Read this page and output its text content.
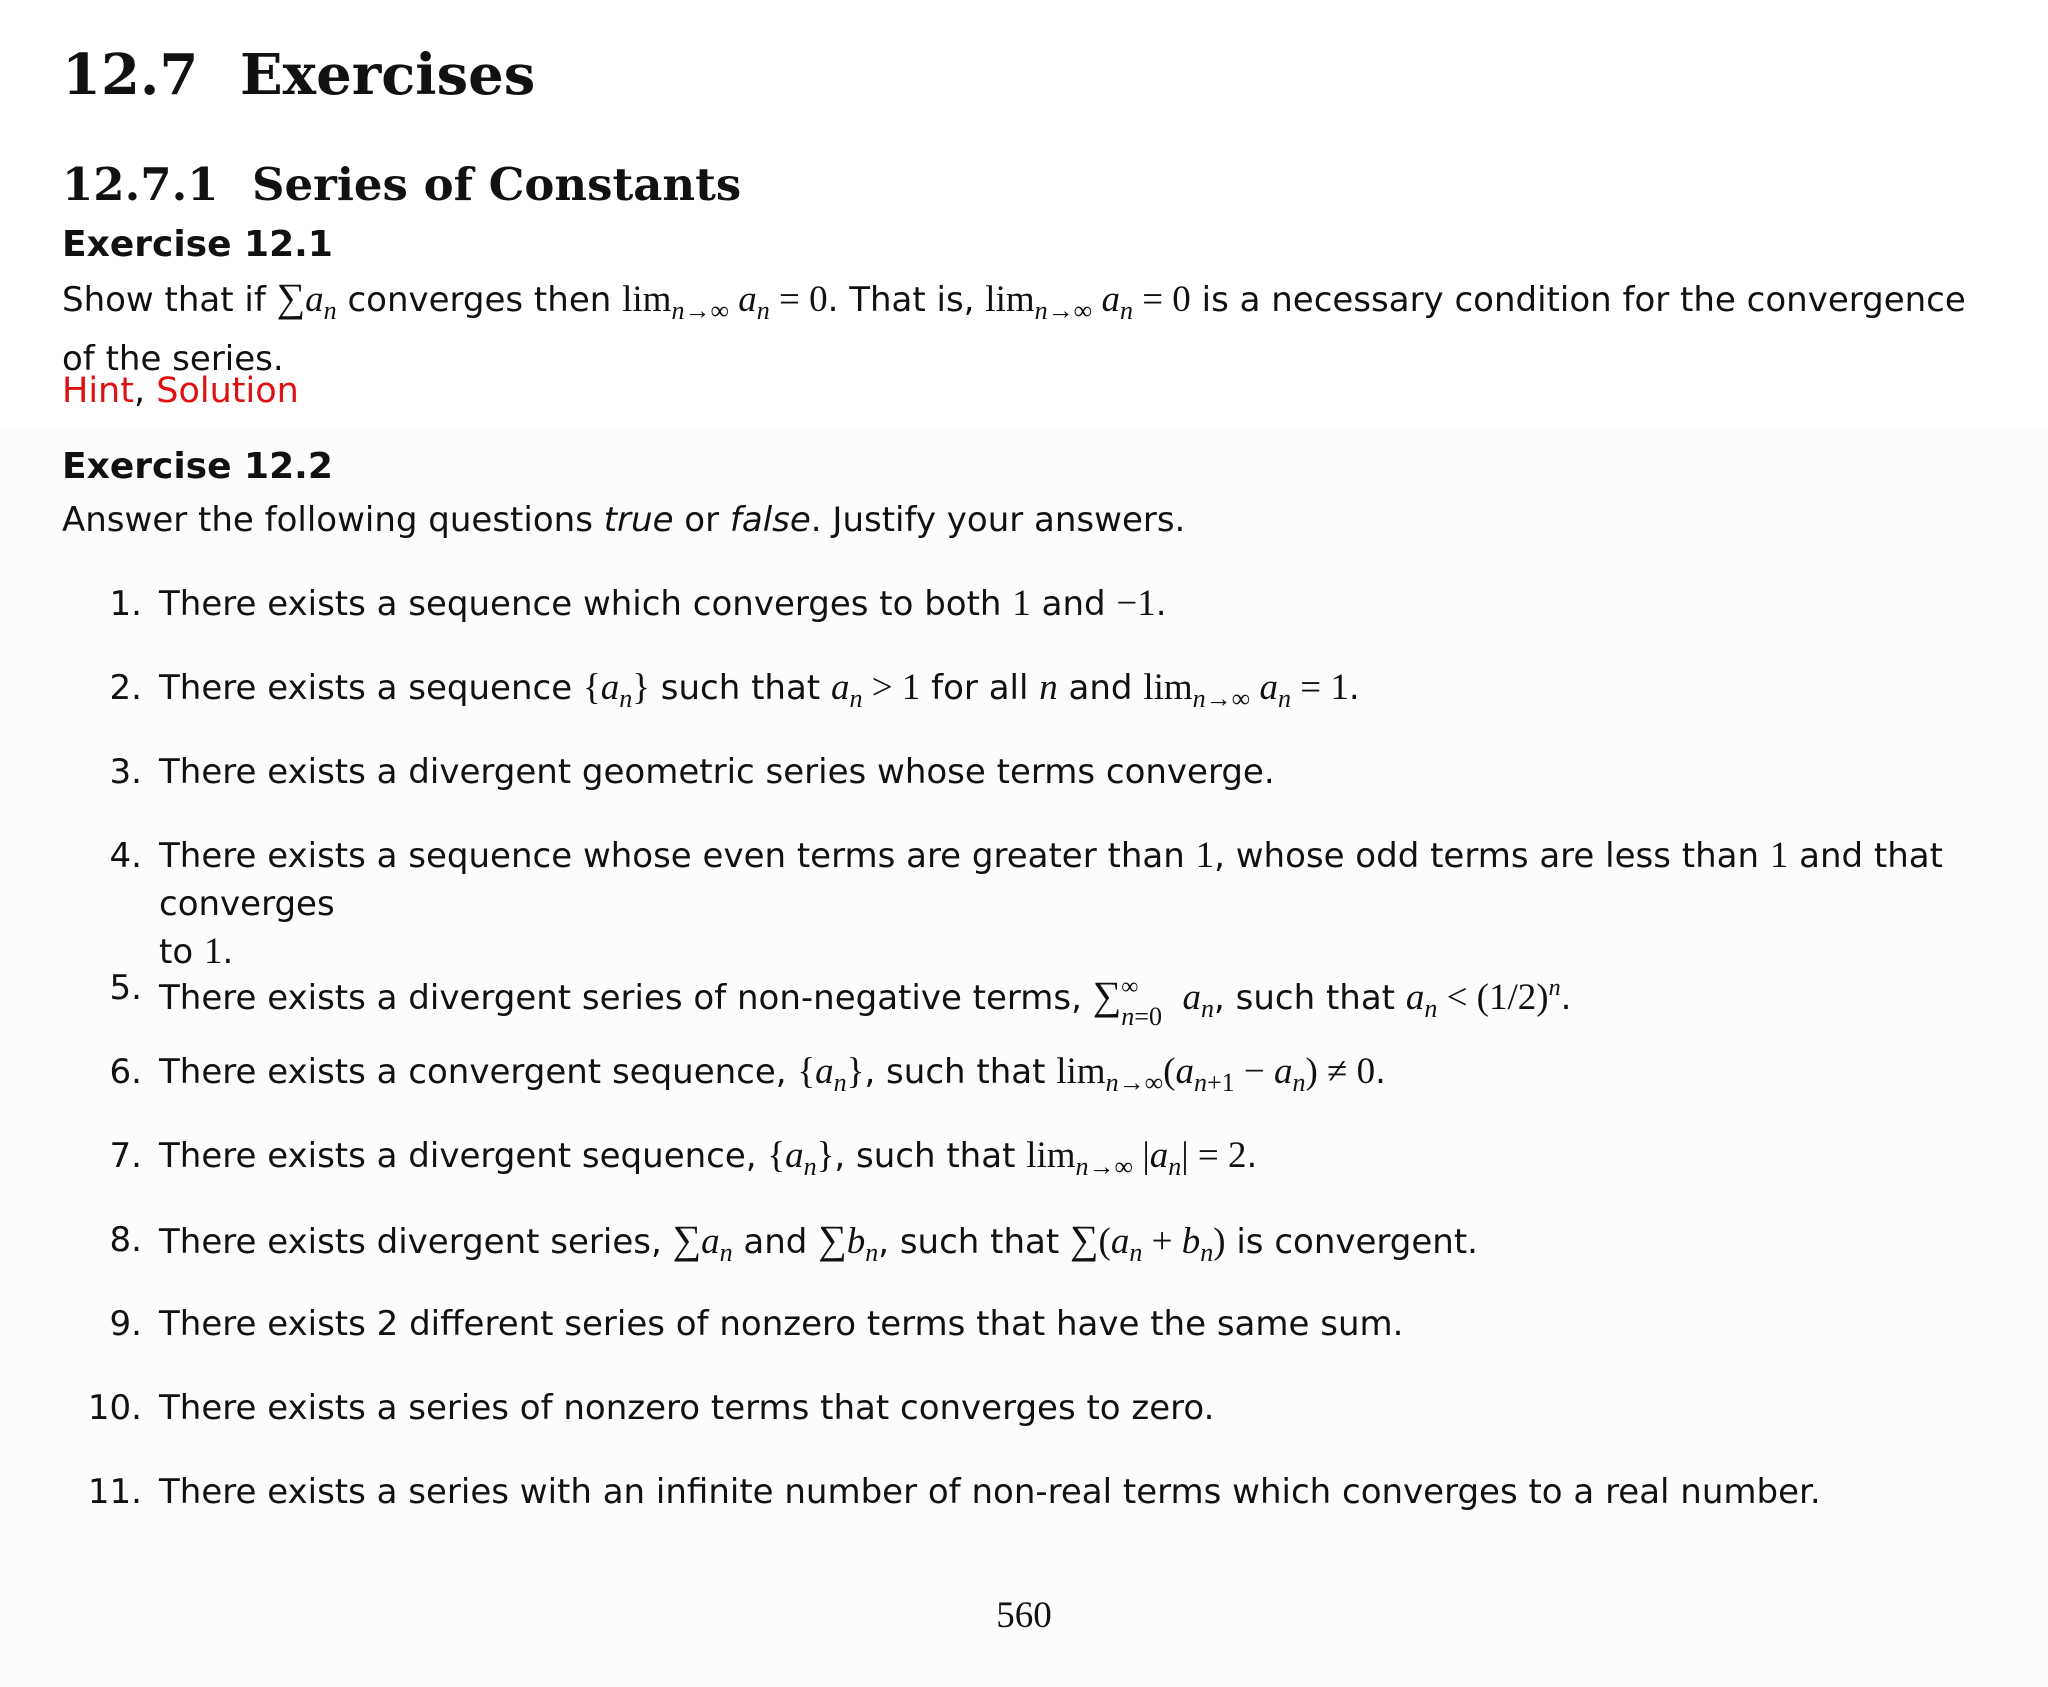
12.7 Exercises
12.7.1 Series of Constants
Exercise 12.1

Show that if $\sum a_n$ converges then $\lim_{n\to\infty} a_n = 0$. That is, $\lim_{n\to\infty} a_n = 0$ is a necessary condition for the convergence
of the series.

Hint, Solution
Exercise 12.2

Answer the following questions true or false. Justify your answers.

1. There exists a sequence which converges to both 1 and −1.
2. There exists a sequence $\{a_n\}$ such that $a_n > 1$ for all n and $\lim_{n\to\infty} a_n = 1$.
3. There exists a divergent geometric series whose terms converge.
4. There exists a sequence whose even terms are greater than 1, whose odd terms are less than 1 and that converges
to 1.
5. There exists a divergent series of non-negative terms, ∑ ∞
n=0 $a_n$, such that $a_n < (1/2)^n$.
6. There exists a convergent sequence, $\{a_n\}$, such that $\lim_{n\to\infty}(a_{n+1} - a_n) \ne 0$.
7. There exists a divergent sequence, $\{a_n\}$, such that $\lim_{n\to\infty} |a_n| = 2$.
8. There exists divergent series, $\sum a_n$ and $\sum b_n$, such that $\sum(a_n + b_n)$ is convergent.
9. There exists 2 different series of nonzero terms that have the same sum.
10. There exists a series of nonzero terms that converges to zero.
11. There exists a series with an infinite number of non-real terms which converges to a real number.
560
